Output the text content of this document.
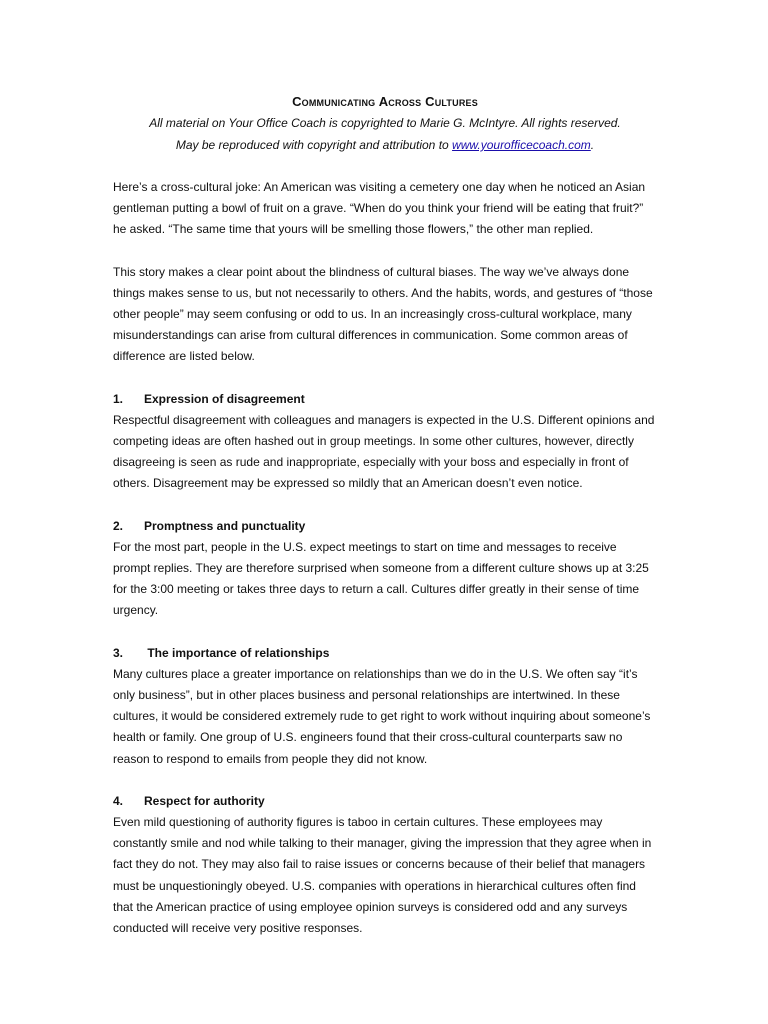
Communicating Across Cultures

All material on Your Office Coach is copyrighted to Marie G. McIntyre. All rights reserved.

May be reproduced with copyright and attribution to www.yourofficecoach.com.

Here’s a cross-cultural joke: An American was visiting a cemetery one day when he noticed an Asian gentleman putting a bowl of fruit on a grave. “When do you think your friend will be eating that fruit?” he asked. “The same time that yours will be smelling those flowers,” the other man replied.

This story makes a clear point about the blindness of cultural biases. The way we’ve always done things makes sense to us, but not necessarily to others. And the habits, words, and gestures of “those other people” may seem confusing or odd to us. In an increasingly cross-cultural workplace, many misunderstandings can arise from cultural differences in communication. Some common areas of difference are listed below.

1.	Expression of disagreement

Respectful disagreement with colleagues and managers is expected in the U.S. Different opinions and competing ideas are often hashed out in group meetings. In some other cultures, however, directly disagreeing is seen as rude and inappropriate, especially with your boss and especially in front of others. Disagreement may be expressed so mildly that an American doesn’t even notice.

2.	Promptness and punctuality

For the most part, people in the U.S. expect meetings to start on time and messages to receive prompt replies. They are therefore surprised when someone from a different culture shows up at 3:25 for the 3:00 meeting or takes three days to return a call. Cultures differ greatly in their sense of time urgency.

3.	The importance of relationships

Many cultures place a greater importance on relationships than we do in the U.S. We often say “it’s only business”, but in other places business and personal relationships are intertwined. In these cultures, it would be considered extremely rude to get right to work without inquiring about someone’s health or family. One group of U.S. engineers found that their cross-cultural counterparts saw no reason to respond to emails from people they did not know.

4.	Respect for authority

Even mild questioning of authority figures is taboo in certain cultures. These employees may constantly smile and nod while talking to their manager, giving the impression that they agree when in fact they do not. They may also fail to raise issues or concerns because of their belief that managers must be unquestioningly obeyed. U.S. companies with operations in hierarchical cultures often find that the American practice of using employee opinion surveys is considered odd and any surveys conducted will receive very positive responses.
